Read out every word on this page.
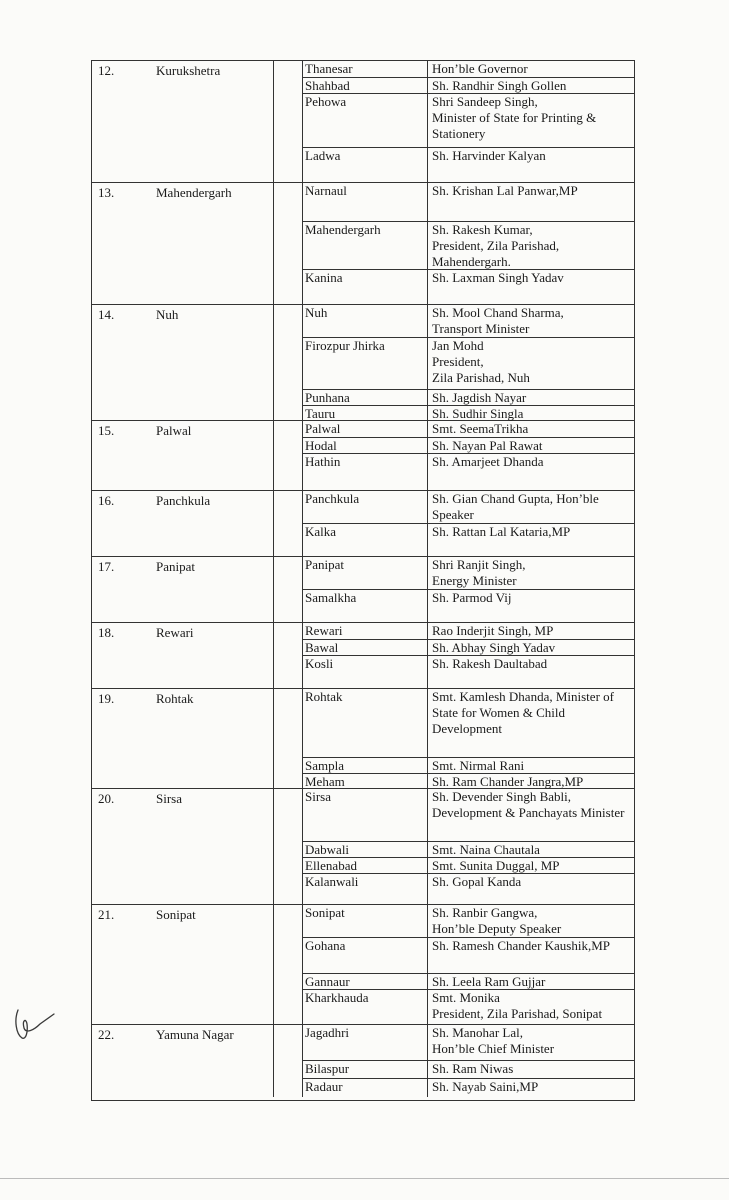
12.	Kurukshetra	Thanesar	Hon’ble Governor
Shahbad	Sh. Randhir Singh Gollen
Pehowa	Shri Sandeep Singh,
Minister of State for Printing & Stationery
Ladwa	Sh. Harvinder Kalyan
13.	Mahendergarh	Narnaul	Sh. Krishan Lal Panwar,MP
Mahendergarh	Sh. Rakesh Kumar,
President, Zila Parishad,
Mahendergarh.
Kanina	Sh. Laxman Singh Yadav
14.	Nuh	Nuh	Sh. Mool Chand Sharma,
Transport Minister
Firozpur Jhirka	Jan Mohd
President,
Zila Parishad, Nuh
Punhana	Sh. Jagdish Nayar
Tauru	Sh. Sudhir Singla
15.	Palwal	Palwal	Smt. SeemaTrikha
Hodal	Sh. Nayan Pal Rawat
Hathin	Sh. Amarjeet Dhanda
16.	Panchkula	Panchkula	Sh. Gian Chand Gupta, Hon’ble Speaker
Kalka	Sh. Rattan Lal Kataria,MP
17.	Panipat	Panipat	Shri Ranjit Singh,
Energy Minister
Samalkha	Sh. Parmod Vij
18.	Rewari	Rewari	Rao Inderjit Singh, MP
Bawal	Sh. Abhay Singh Yadav
Kosli	Sh. Rakesh Daultabad
19.	Rohtak	Rohtak	Smt. Kamlesh Dhanda, Minister of State for Women & Child Development
Sampla	Smt. Nirmal Rani
Meham	Sh. Ram Chander Jangra,MP
20.	Sirsa	Sirsa	Sh. Devender Singh Babli,
Development & Panchayats Minister
Dabwali	Smt. Naina Chautala
Ellenabad	Smt. Sunita Duggal, MP
Kalanwali	Sh. Gopal Kanda
21.	Sonipat	Sonipat	Sh. Ranbir Gangwa,
Hon’ble Deputy Speaker
Gohana	Sh. Ramesh Chander Kaushik,MP
Gannaur	Sh. Leela Ram Gujjar
Kharkhauda	Smt. Monika
President, Zila Parishad, Sonipat
22.	Yamuna Nagar	Jagadhri	Sh. Manohar Lal,
Hon’ble Chief Minister
Bilaspur	Sh. Ram Niwas
Radaur	Sh. Nayab Saini,MP
